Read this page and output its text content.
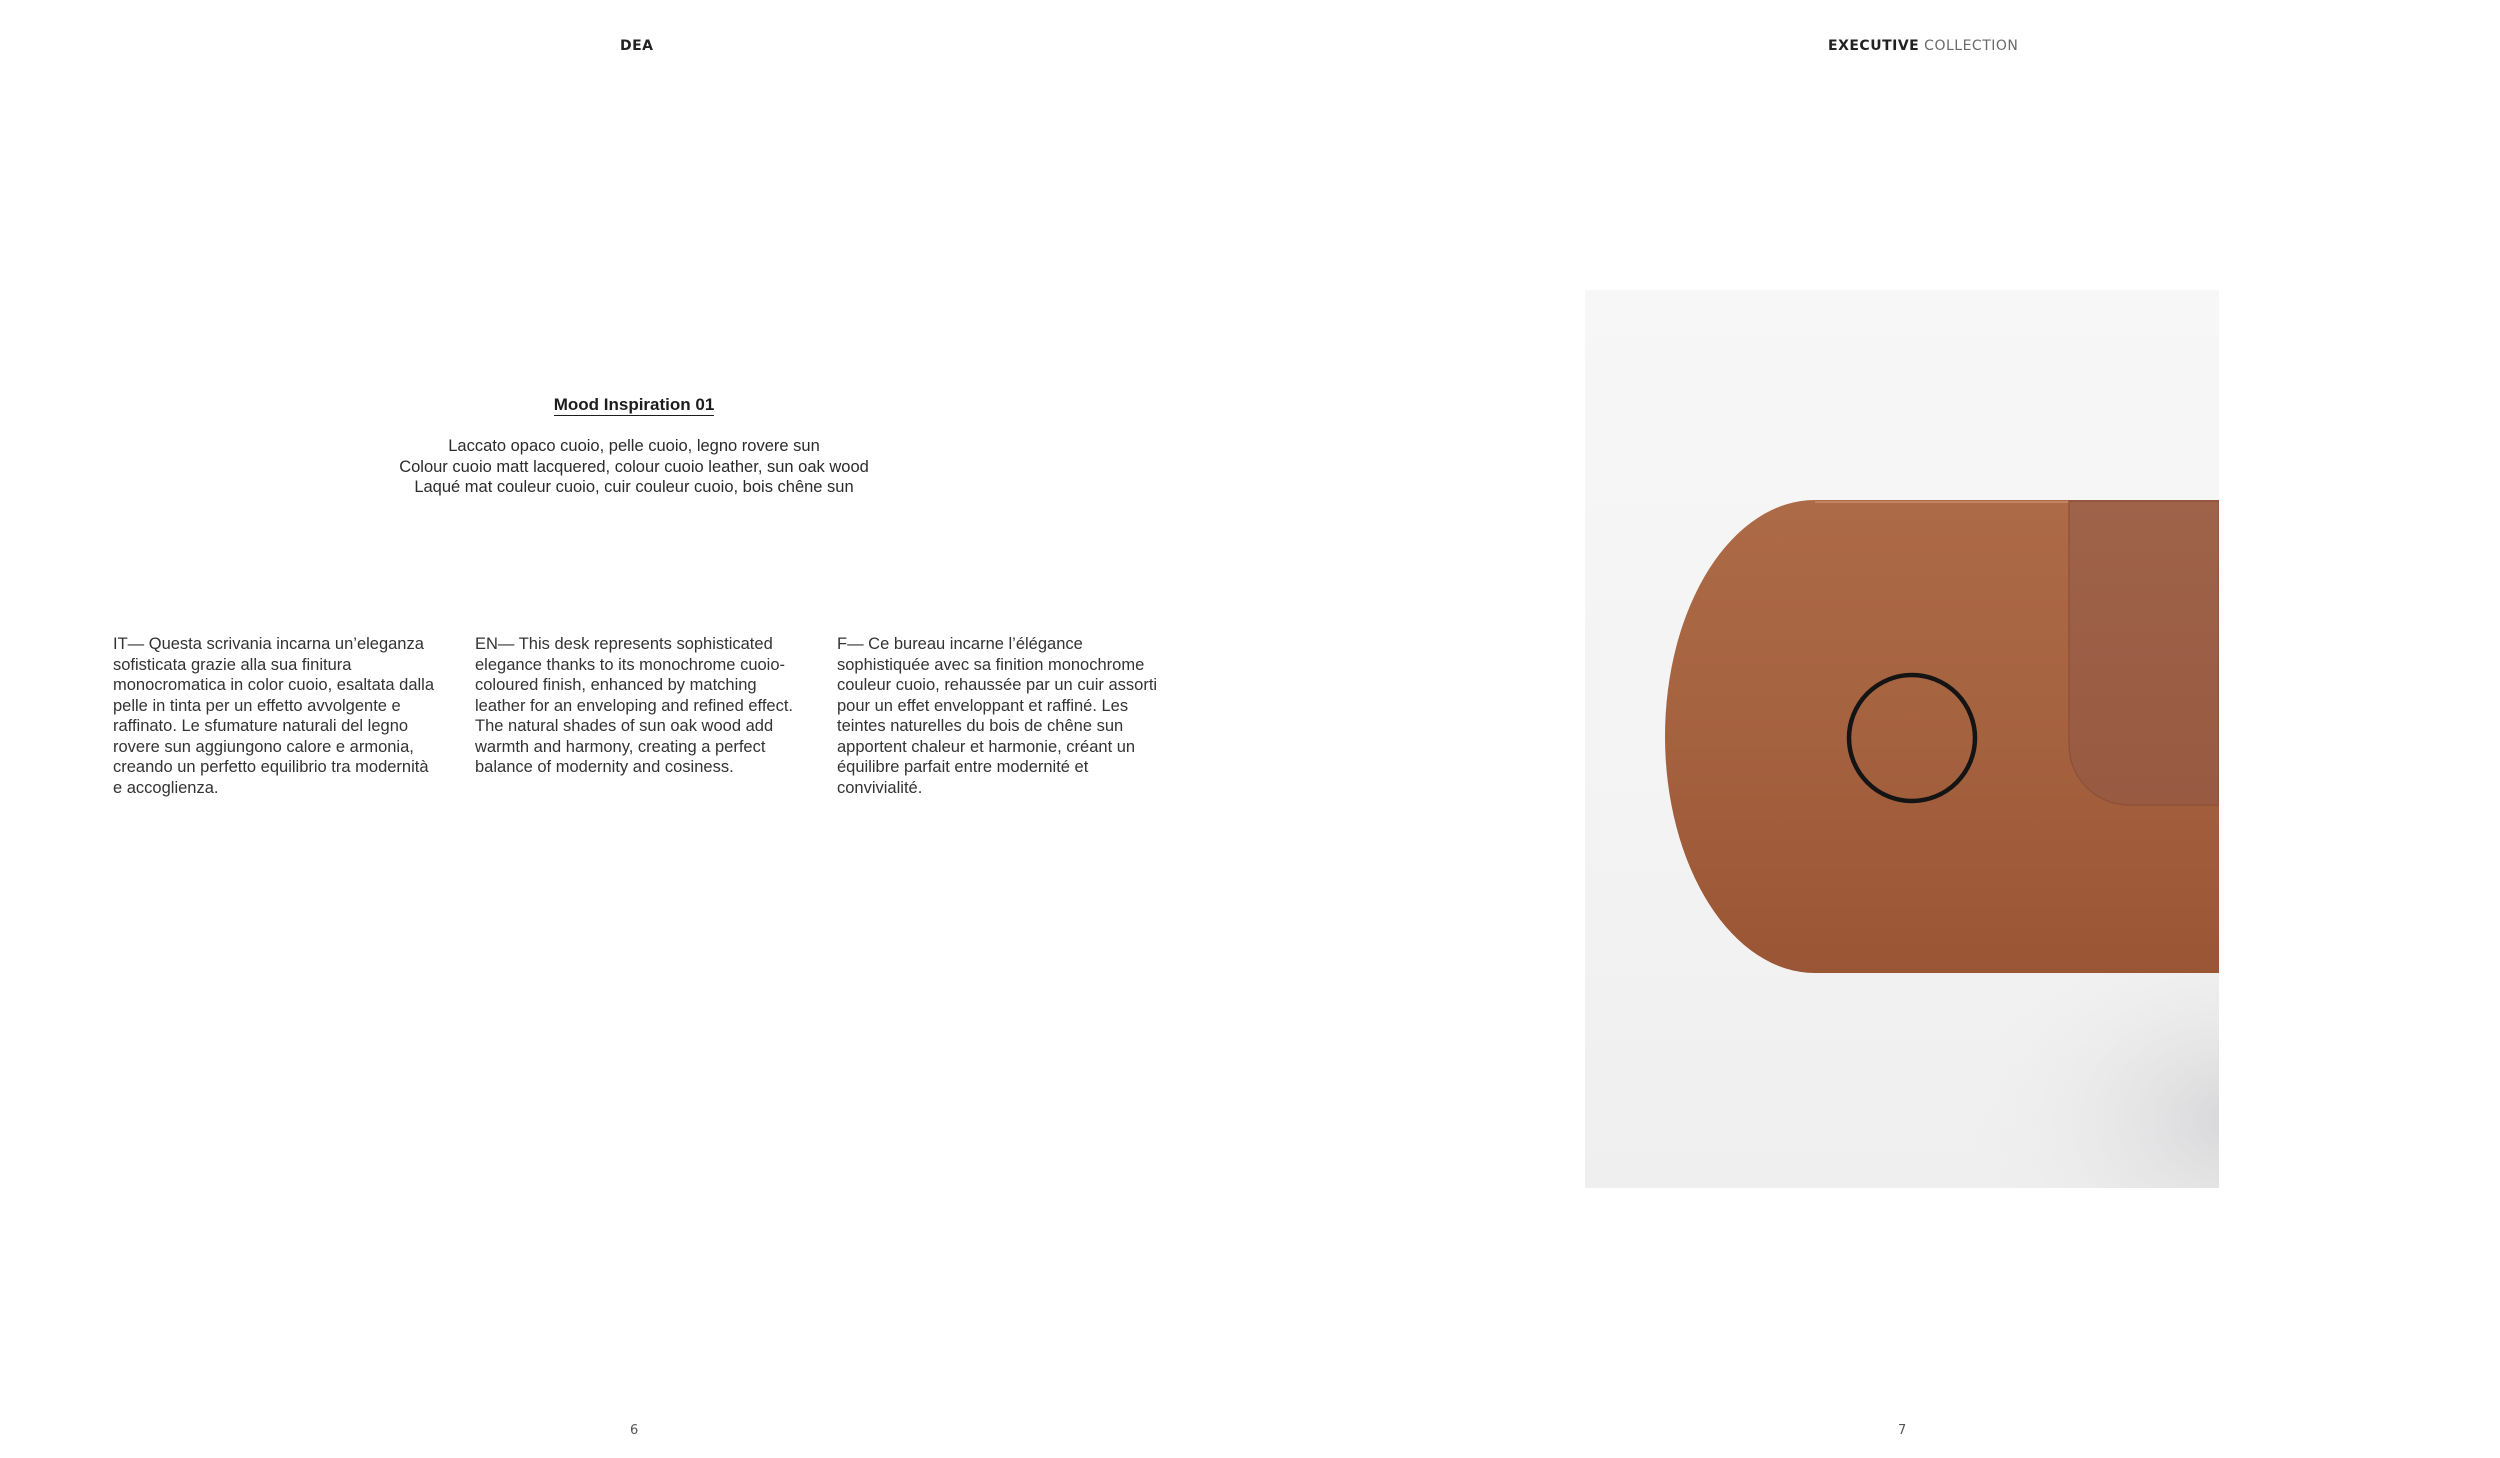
DEA	EXECUTIVE COLLECTION
Mood Inspiration 01
Laccato opaco cuoio, pelle cuoio, legno rovere sun
Colour cuoio matt lacquered, colour cuoio leather, sun oak wood
Laqué mat couleur cuoio, cuir couleur cuoio, bois chêne sun
IT— Questa scrivania incarna un’eleganza sofisticata grazie alla sua finitura monocromatica in color cuoio, esaltata dalla pelle in tinta per un effetto avvolgente e raffinato. Le sfumature naturali del legno rovere sun aggiungono calore e armonia, creando un perfetto equilibrio tra modernità e accoglienza.
EN— This desk represents sophisticated elegance thanks to its monochrome cuoio-coloured finish, enhanced by matching leather for an enveloping and refined effect. The natural shades of sun oak wood add warmth and harmony, creating a perfect balance of modernity and cosiness.
F— Ce bureau incarne l’élégance sophistiquée avec sa finition monochrome couleur cuoio, rehaussée par un cuir assorti pour un effet enveloppant et raffiné. Les teintes naturelles du bois de chêne sun apportent chaleur et harmonie, créant un équilibre parfait entre modernité et convivialité.
6	7
